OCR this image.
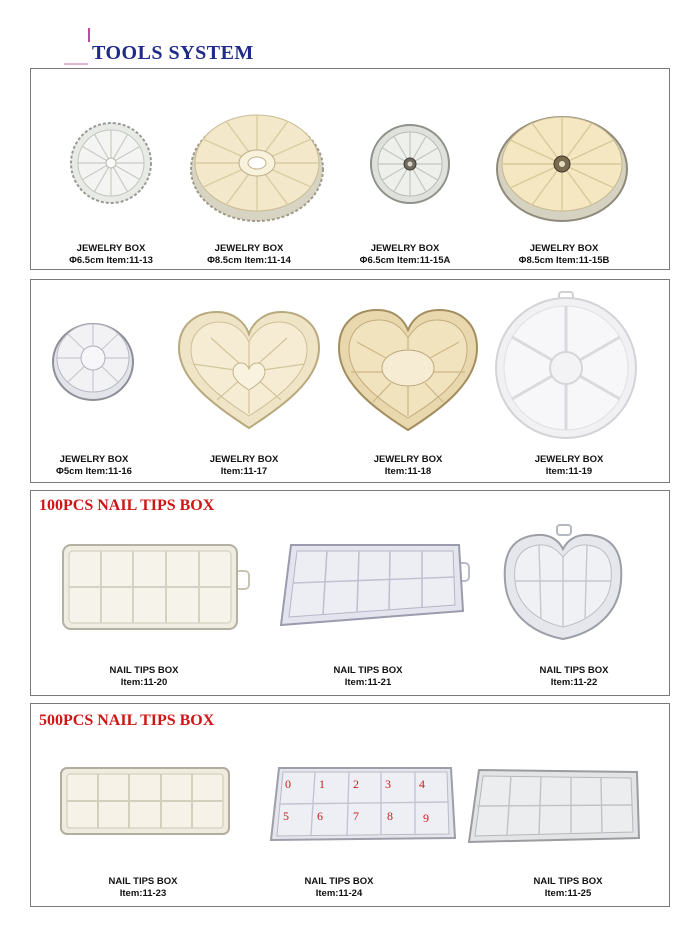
TOOLS SYSTEM
JEWELRY BOX
Φ6.5cm Item:11-13
JEWELRY BOX
Φ8.5cm Item:11-14
JEWELRY BOX
Φ6.5cm Item:11-15A
JEWELRY BOX
Φ8.5cm Item:11-15B
JEWELRY BOX
Φ5cm Item:11-16
JEWELRY BOX
Item:11-17
JEWELRY BOX
Item:11-18
JEWELRY BOX
Item:11-19
100PCS NAIL TIPS BOX
NAIL TIPS BOX
Item:11-20
NAIL TIPS BOX
Item:11-21
NAIL TIPS BOX
Item:11-22
500PCS NAIL TIPS BOX
0 1 2 3 4
5 6	7 8	9
NAIL TIPS BOX
Item:11-23
NAIL TIPS BOX
Item:11-24
NAIL TIPS BOX
Item:11-25
